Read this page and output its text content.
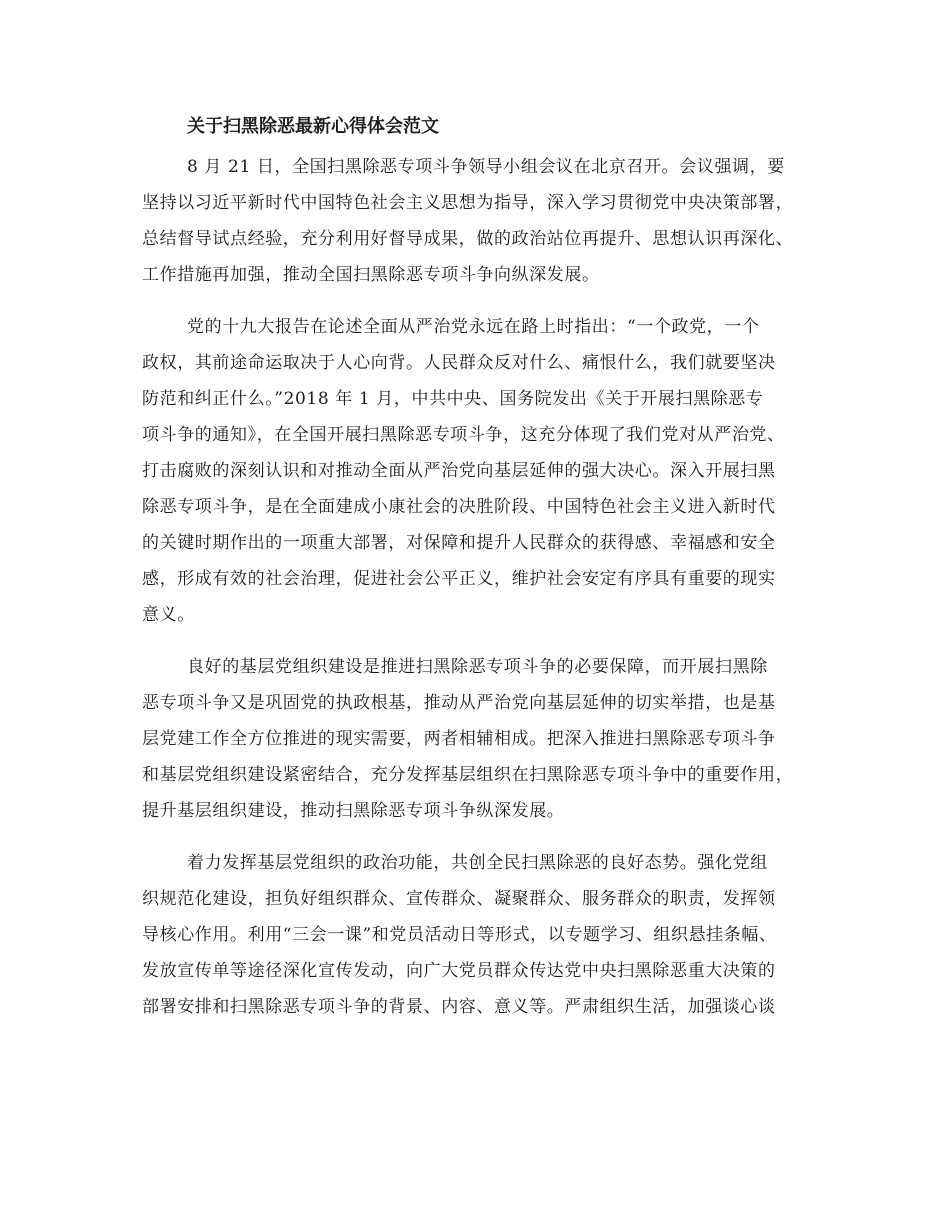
关于扫黑除恶最新心得体会范文
8 月 21 日，全国扫黑除恶专项斗争领导小组会议在北京召开。会议强调，要
坚持以习近平新时代中国特色社会主义思想为指导，深入学习贯彻党中央决策部署，
总结督导试点经验，充分利用好督导成果，做的政治站位再提升、思想认识再深化、
工作措施再加强，推动全国扫黑除恶专项斗争向纵深发展。
党的十九大报告在论述全面从严治党永远在路上时指出：“一个政党，一个
政权，其前途命运取决于人心向背。人民群众反对什么、痛恨什么，我们就要坚决
防范和纠正什么。”2018 年 1 月，中共中央、国务院发出《关于开展扫黑除恶专
项斗争的通知》，在全国开展扫黑除恶专项斗争，这充分体现了我们党对从严治党、
打击腐败的深刻认识和对推动全面从严治党向基层延伸的强大决心。深入开展扫黑
除恶专项斗争，是在全面建成小康社会的决胜阶段、中国特色社会主义进入新时代
的关键时期作出的一项重大部署，对保障和提升人民群众的获得感、幸福感和安全
感，形成有效的社会治理，促进社会公平正义，维护社会安定有序具有重要的现实
意义。
良好的基层党组织建设是推进扫黑除恶专项斗争的必要保障，而开展扫黑除
恶专项斗争又是巩固党的执政根基，推动从严治党向基层延伸的切实举措，也是基
层党建工作全方位推进的现实需要，两者相辅相成。把深入推进扫黑除恶专项斗争
和基层党组织建设紧密结合，充分发挥基层组织在扫黑除恶专项斗争中的重要作用，
提升基层组织建设，推动扫黑除恶专项斗争纵深发展。
着力发挥基层党组织的政治功能，共创全民扫黑除恶的良好态势。强化党组
织规范化建设，担负好组织群众、宣传群众、凝聚群众、服务群众的职责，发挥领
导核心作用。利用“三会一课”和党员活动日等形式，以专题学习、组织悬挂条幅、
发放宣传单等途径深化宣传发动，向广大党员群众传达党中央扫黑除恶重大决策的
部署安排和扫黑除恶专项斗争的背景、内容、意义等。严肃组织生活，加强谈心谈
